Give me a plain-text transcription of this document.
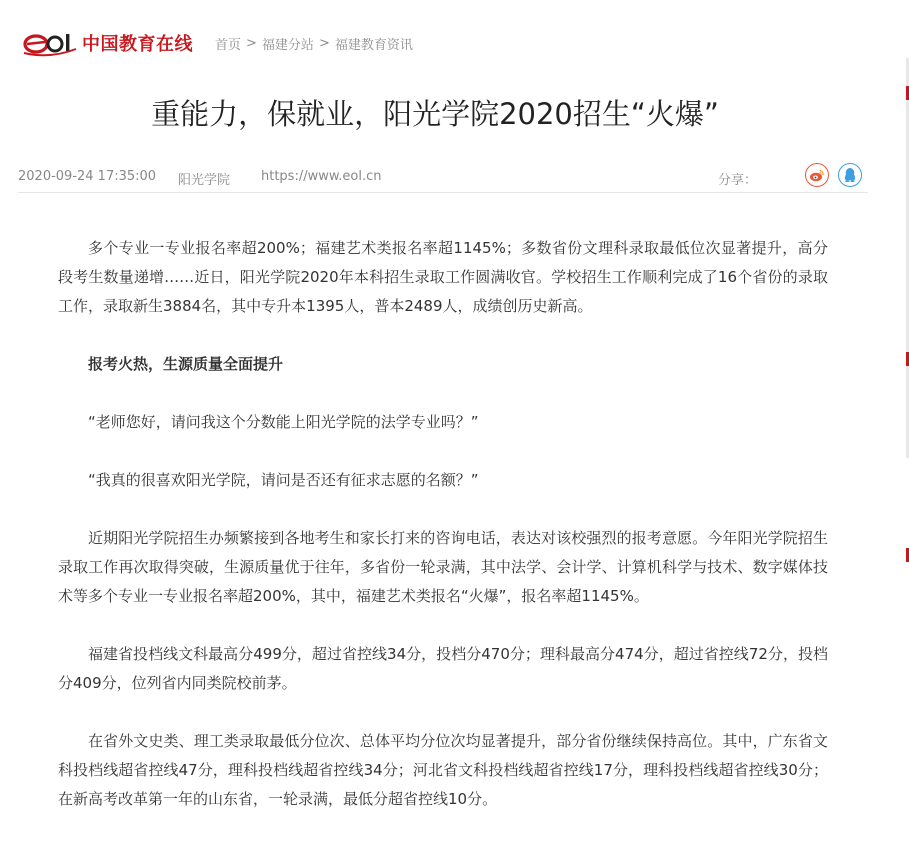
中国教育在线 首页 > 福建分站 > 福建教育资讯
重能力，保就业，阳光学院2020招生“火爆”
2020-09-24 17:35:00 阳光学院 https://www.eol.cn	分享：

多个专业一专业报名率超200%；福建艺术类报名率超1145%；多数省份文理科录取最低位次显著提升，高分段考生数量递增……近日，阳光学院2020年本科招生录取工作圆满收官。学校招生工作顺利完成了16个省份的录取工作，录取新生3884名，其中专升本1395人，普本2489人，成绩创历史新高。

报考火热，生源质量全面提升

“老师您好，请问我这个分数能上阳光学院的法学专业吗？”

“我真的很喜欢阳光学院，请问是否还有征求志愿的名额？”

近期阳光学院招生办频繁接到各地考生和家长打来的咨询电话，表达对该校强烈的报考意愿。今年阳光学院招生录取工作再次取得突破，生源质量优于往年，多省份一轮录满，其中法学、会计学、计算机科学与技术、数字媒体技术等多个专业一专业报名率超200%，其中，福建艺术类报名“火爆”，报名率超1145%。

福建省投档线文科最高分499分，超过省控线34分，投档分470分；理科最高分474分，超过省控线72分，投档分409分，位列省内同类院校前茅。

在省外文史类、理工类录取最低分位次、总体平均分位次均显著提升，部分省份继续保持高位。其中，广东省文科投档线超省控线47分，理科投档线超省控线34分；河北省文科投档线超省控线17分，理科投档线超省控线30分；在新高考改革第一年的山东省，一轮录满，最低分超省控线10分。
